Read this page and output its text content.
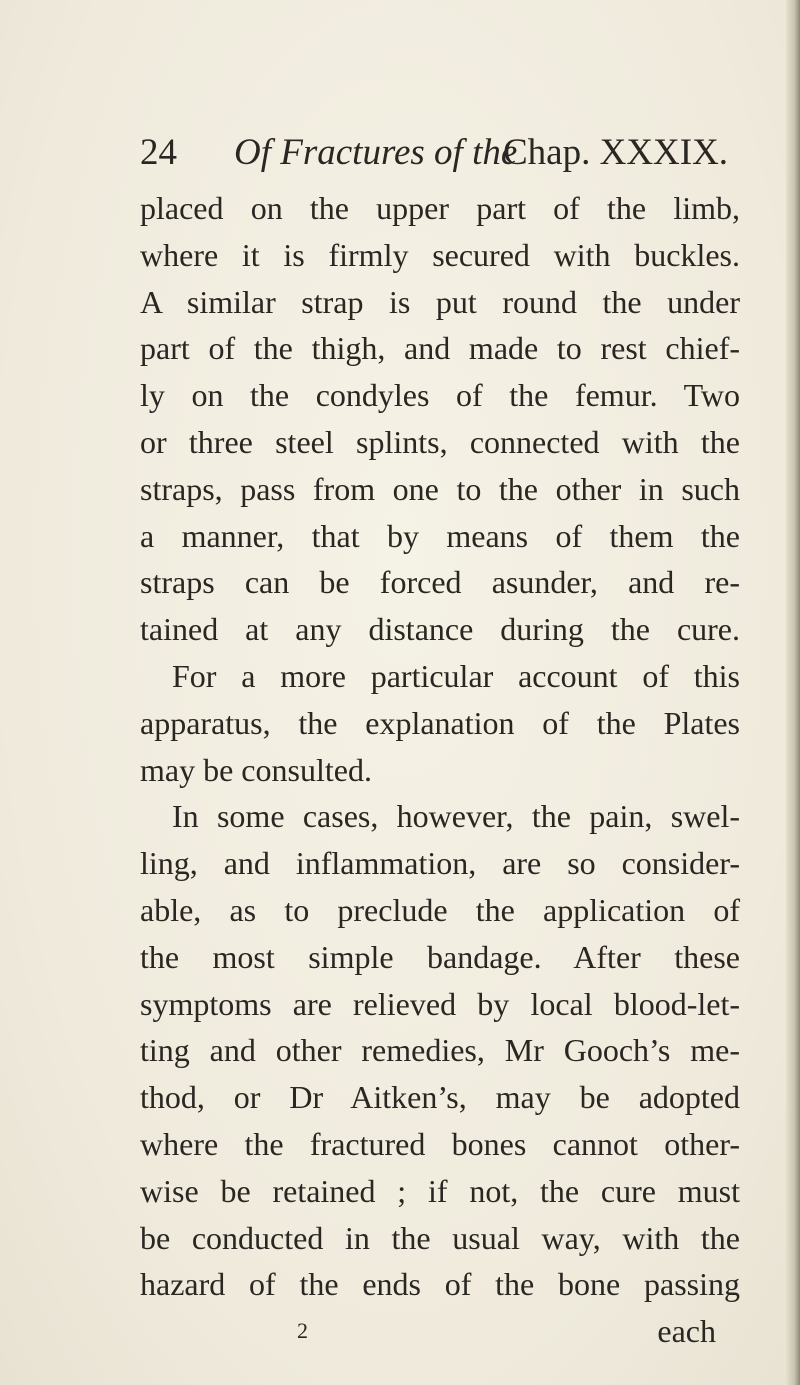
24 Of Fractures of the
Chap. XXXIX.
placed on the upper part of the limb,
where it is firmly secured with buckles.
A similar strap is put round the under
part of the thigh, and made to rest chief-
ly on the condyles of the femur. Two
or three steel splints, connected with the
straps, pass from one to the other in such
a manner, that by means of them the
straps can be forced asunder, and re-
tained at any distance during the cure.
For a more particular account of this
apparatus, the explanation of the Plates
may be consulted.
In some cases, however, the pain, swel-
ling, and inflammation, are so consider-
able, as to preclude the application of
the most simple bandage. After these
symptoms are relieved by local blood-let-
ting and other remedies, Mr Gooch’s me-
thod, or Dr Aitken’s, may be adopted
where the fractured bones cannot other-
wise be retained ; if not, the cure must
be conducted in the usual way, with the
hazard of the ends of the bone passing
2	each
